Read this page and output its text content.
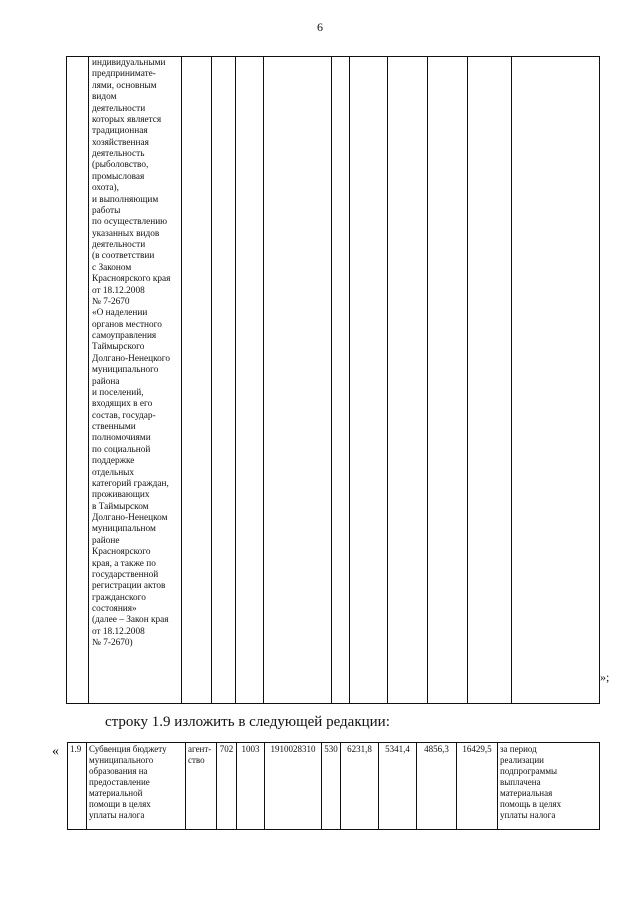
6
	индивидуальными
предпринимате-
лями, основным
видом
деятельности
которых является
традиционная
хозяйственная
деятельность
(рыболовство,
промысловая
охота),
и выполняющим
работы
по осуществлению
указанных видов
деятельности
(в соответствии
с Законом
Красноярского края
от 18.12.2008
№ 7-2670
«О наделении
органов местного
самоуправления
Таймырского
Долгано-Ненецкого
муниципального
района
и поселений,
входящих в его
состав, государ-
ственными
полномочиями
по социальной
поддержке
отдельных
категорий граждан,
проживающих
в Таймырском
Долгано-Ненецком
муниципальном
районе
Красноярского
края, а также по
государственной
регистрации актов
гражданского
состояния»
(далее – Закон края
от 18.12.2008
№ 7-2670)										
»;
строку 1.9 изложить в следующей редакции:
« 1.9	Субвенция бюджету
муниципального
образования на
предоставление
материальной
помощи в целях
уплаты налога	агент-
ство	702	1003	1910028310	530	6231,8	5341,4	4856,3	16429,5	за период
реализации
подпрограммы
выплачена
материальная
помощь в целях
уплаты налога
